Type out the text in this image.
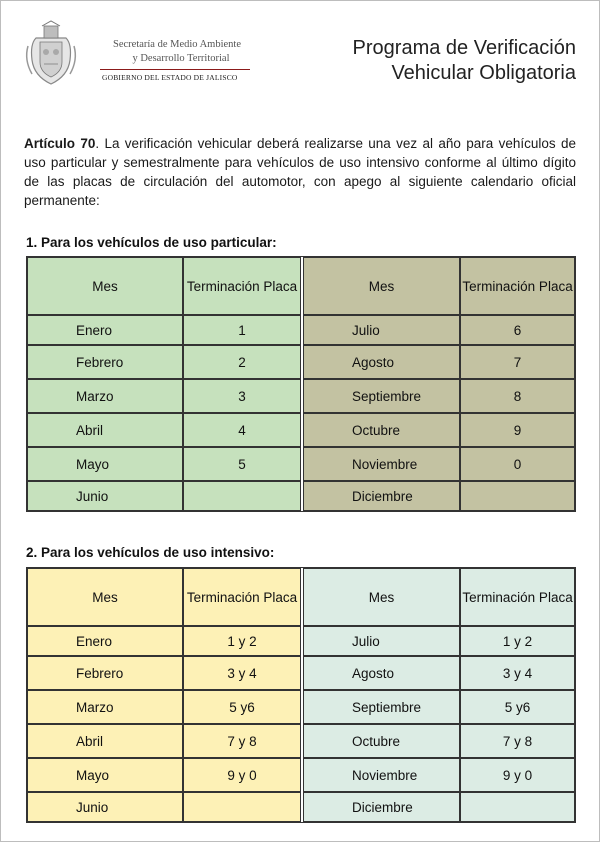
Secretaría de Medio Ambiente
y Desarrollo Territorial
GOBIERNO DEL ESTADO DE JALISCO
Programa de Verificación
Vehicular Obligatoria
Artículo 70. La verificación vehicular deberá realizarse una vez al año para vehículos de uso particular y semestralmente para vehículos de uso intensivo conforme al último dígito de las placas de circulación del automotor, con apego al siguiente calendario oficial permanente:
1. Para los vehículos de uso particular:
Mes	Terminación Placa		Mes	Terminación Placa
Enero	1		Julio	6
Febrero	2		Agosto	7
Marzo	3		Septiembre	8
Abril	4		Octubre	9
Mayo	5		Noviembre	0
Junio			Diciembre	
2. Para los vehículos de uso intensivo:
Mes	Terminación Placa		Mes	Terminación Placa
Enero	1 y 2		Julio	1 y 2
Febrero	3 y 4		Agosto	3 y 4
Marzo	5 y6		Septiembre	5 y6
Abril	7 y 8		Octubre	7 y 8
Mayo	9 y 0		Noviembre	9 y 0
Junio			Diciembre	
